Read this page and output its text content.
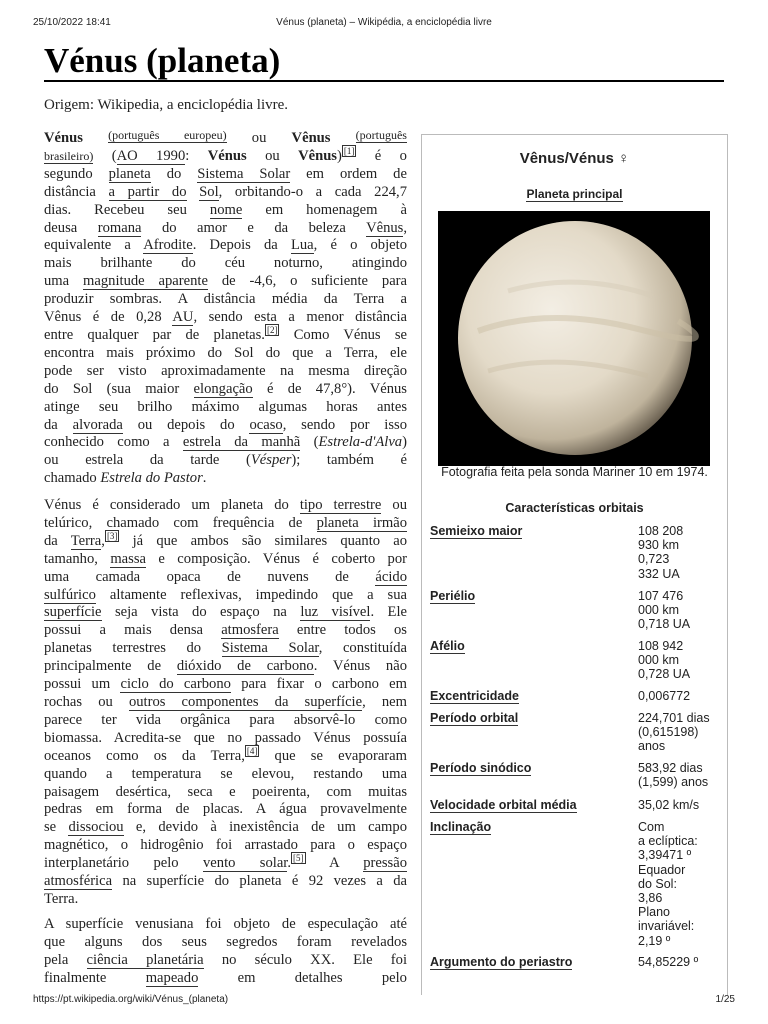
25/10/2022 18:41	Vénus (planeta) – Wikipédia, a enciclopédia livre
Vénus (planeta)
Origem: Wikipedia, a enciclopédia livre.
Vénus $^{(português europeu)}$ ou Vênus $^{(português}$
brasileiro) (AO 1990: Vénus ou Vênus) [1] é o
segundo planeta do Sistema Solar em ordem de
distância a partir do Sol, orbitando-o a cada 224,7
dias. Recebeu seu nome em homenagem à
deusa romana do amor e da beleza Vênus,
equivalente a Afrodite. Depois da Lua, é o objeto
mais brilhante do céu noturno, atingindo
uma magnitude aparente de -4,6, o suficiente para
produzir sombras. A distância média da Terra a
Vênus é de 0,28 AU, sendo esta a menor distância
entre qualquer par de planetas. [2] Como Vénus se
encontra mais próximo do Sol do que a Terra, ele
pode ser visto aproximadamente na mesma direção
do Sol (sua maior elongação é de 47,8°). Vénus
atinge seu brilho máximo algumas horas antes
da alvorada ou depois do ocaso, sendo por isso
conhecido como a estrela da manhã (Estrela-d'Alva)
ou estrela da tarde (Vésper); também é
chamado Estrela do Pastor.
Vénus é considerado um planeta do tipo terrestre ou
telúrico, chamado com frequência de planeta irmão
da Terra, [3] já que ambos são similares quanto ao
tamanho, massa e composição. Vénus é coberto por
uma camada opaca de nuvens de ácido
sulfúrico altamente reflexivas, impedindo que a sua
superfície seja vista do espaço na luz visível. Ele
possui a mais densa atmosfera entre todos os
planetas terrestres do Sistema Solar, constituída
principalmente de dióxido de carbono. Vénus não
possui um ciclo do carbono para fixar o carbono em
rochas ou outros componentes da superfície, nem
parece ter vida orgânica para absorvê-lo como
biomassa. Acredita-se que no passado Vénus possuía
oceanos como os da Terra, [4] que se evaporaram
quando a temperatura se elevou, restando uma
paisagem desértica, seca e poeirenta, com muitas
pedras em forma de placas. A água provavelmente
se dissociou e, devido à inexistência de um campo
magnético, o hidrogênio foi arrastado para o espaço
interplanetário pelo vento solar. [5] A pressão
atmosférica na superfície do planeta é 92 vezes a da
Terra.
A superfície venusiana foi objeto de especulação até
que alguns dos seus segredos foram revelados
pela ciência planetária no século XX. Ele foi
finalmente	mapeado	em detalhes pelo
Vênus/Vénus ♀
Planeta principal
Fotografia feita pela sonda Mariner 10 em 1974.
Características orbitais
Semieixo maior	108 208
930 km
0,723
332 UA
Periélio	107 476
000 km
0,718 UA
Afélio	108 942
000 km
0,728 UA
Excentricidade	0,006772
Período orbital	224,701 dias
(0,615198)
anos
Período sinódico	583,92 dias
(1,599) anos
Velocidade orbital média	35,02 km/s
Inclinação	Com
a eclíptica:
3,39471 º
Equador
do Sol:
3,86
Plano
invariável:
2,19 º
Argumento do periastro	54,85229 º
https://pt.wikipedia.org/wiki/Vénus_(planeta)	1/25
